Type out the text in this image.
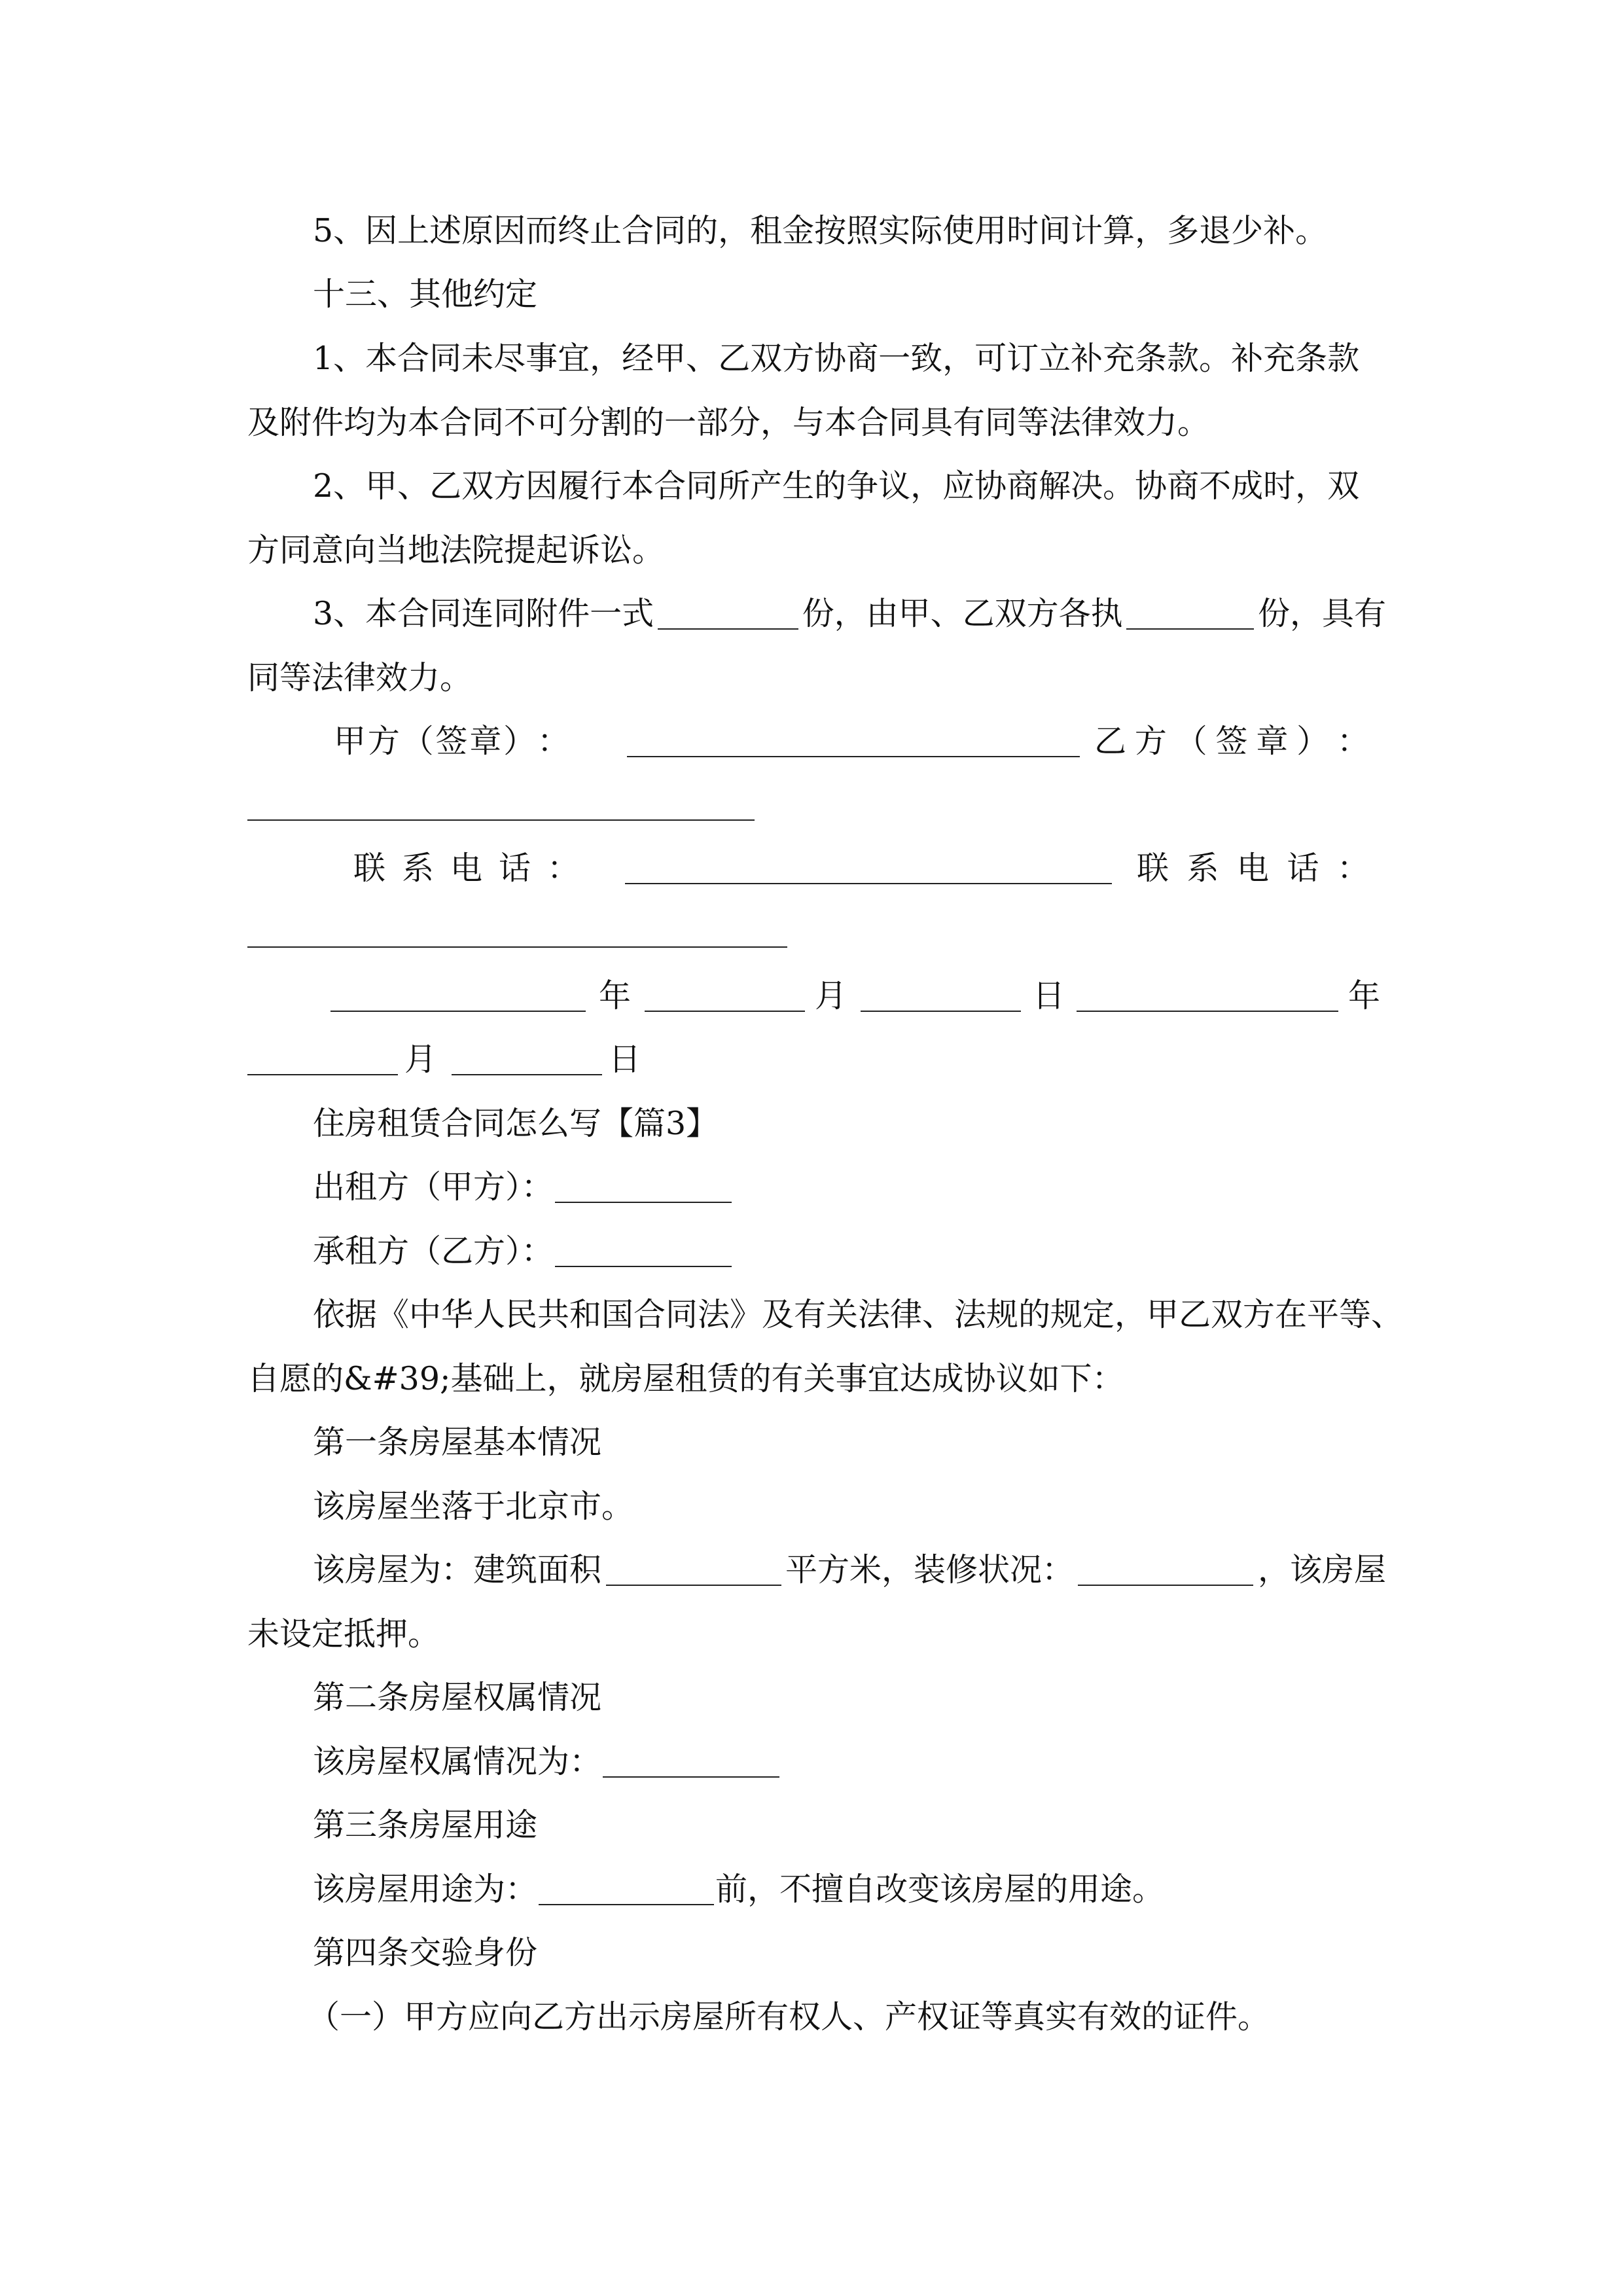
5、因上述原因而终止合同的，租金按照实际使用时间计算，多退少补。
十三、其他约定
1、本合同未尽事宜，经甲、乙双方协商一致，可订立补充条款。补充条款
及附件均为本合同不可分割的一部分，与本合同具有同等法律效力。
2、甲、乙双方因履行本合同所产生的争议，应协商解决。协商不成时，双
方同意向当地法院提起诉讼。
3、本合同连同附件一式	份，由甲、乙双方各执	份，具有
同等法律效力。
甲 方 （ 签 章 ） ：	乙 方 （ 签 章 ） ：
联 系 电 话 ：	联 系 电 话 ：
年	月	日	年
月	日
住房租赁合同怎么写【篇3】
出租方（甲方）：
承租方（乙方）：
依据《中华人民共和国合同法》及有关法律、法规的规定，甲乙双方在平等、
自愿的&#39;基础上，就房屋租赁的有关事宜达成协议如下：
第一条房屋基本情况
该房屋坐落于北京市。
该房屋为：建筑面积	平方米，装修状况：	，该房屋
未设定抵押。
第二条房屋权属情况
该房屋权属情况为：
第三条房屋用途
该房屋用途为：	前，不擅自改变该房屋的用途。
第四条交验身份
（一）甲方应向乙方出示房屋所有权人、产权证等真实有效的证件。
